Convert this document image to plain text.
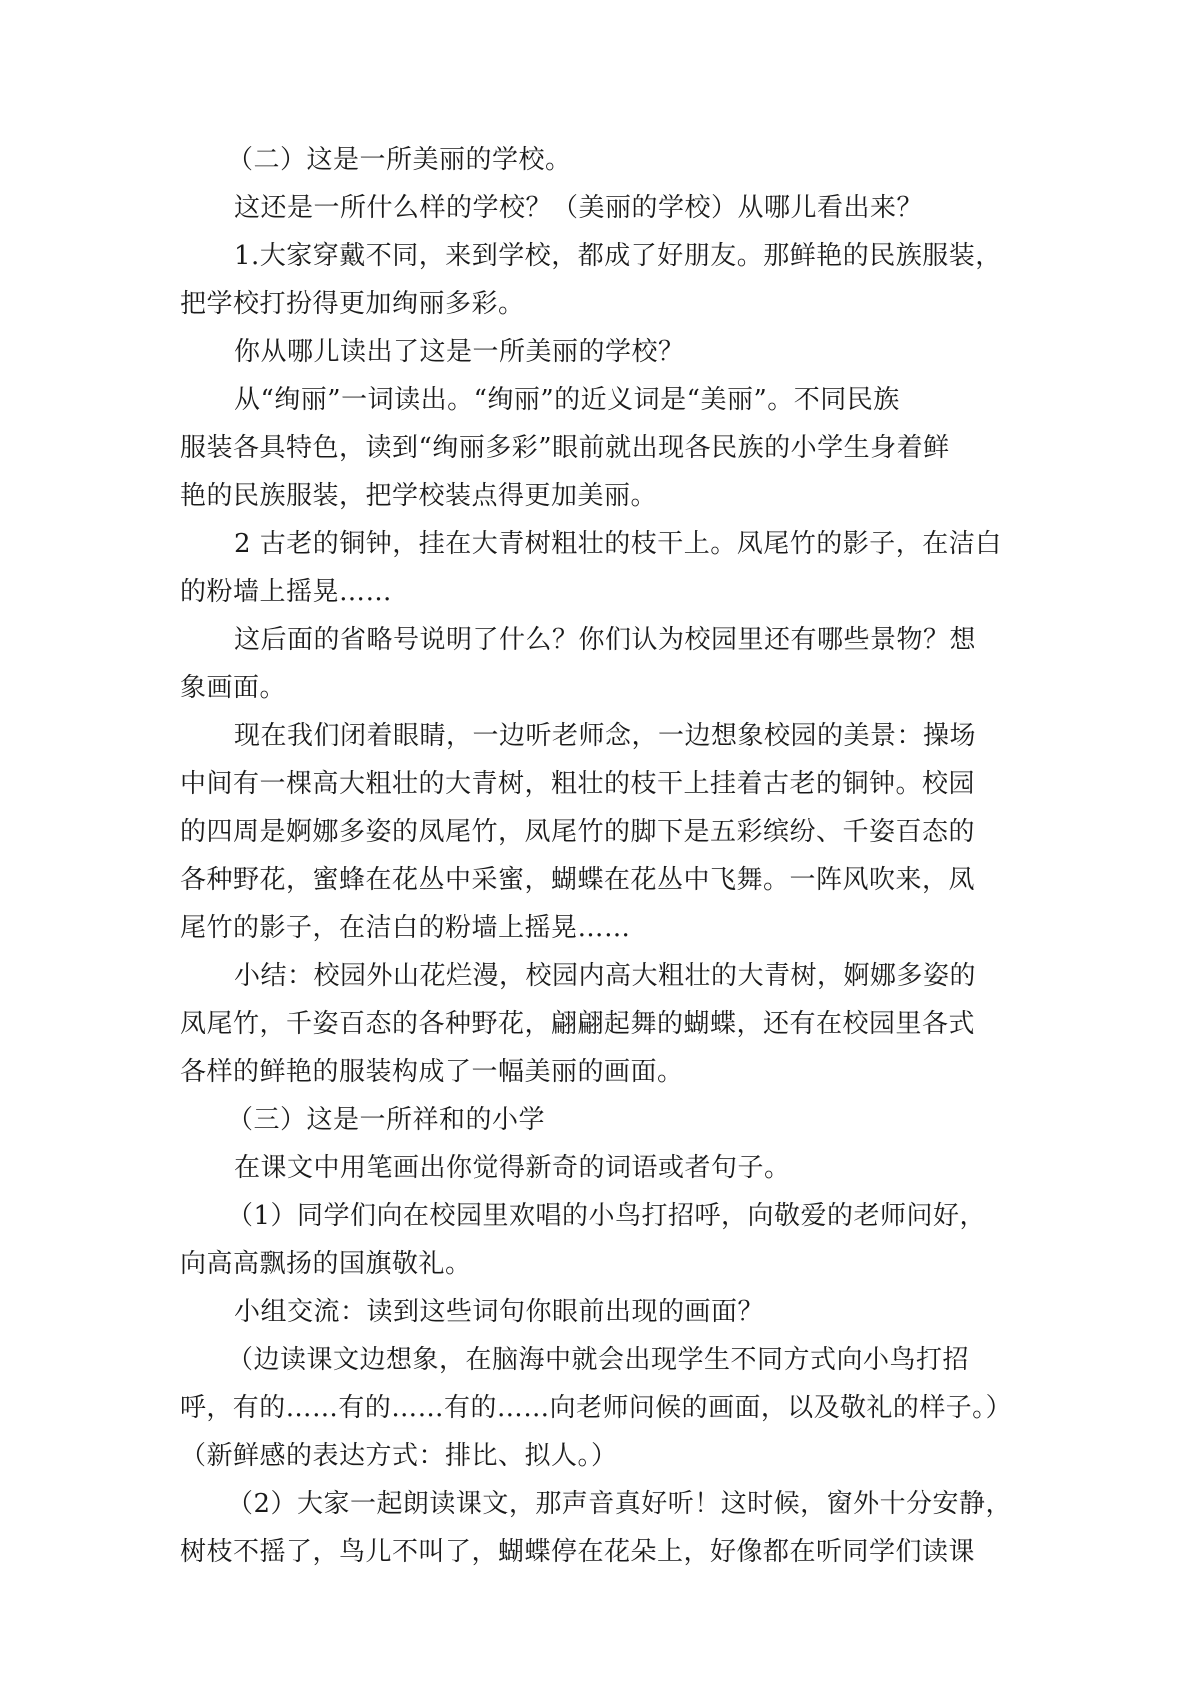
（二）这是一所美丽的学校。

这还是一所什么样的学校？（美丽的学校）从哪儿看出来？

1.大家穿戴不同，来到学校，都成了好朋友。那鲜艳的民族服装，

把学校打扮得更加绚丽多彩。

你从哪儿读出了这是一所美丽的学校？

从“绚丽”一词读出。“绚丽”的近义词是“美丽”。不同民族

服装各具特色，读到“绚丽多彩”眼前就出现各民族的小学生身着鲜

艳的民族服装，把学校装点得更加美丽。

2 古老的铜钟，挂在大青树粗壮的枝干上。凤尾竹的影子，在洁白

的粉墙上摇晃……

这后面的省略号说明了什么？你们认为校园里还有哪些景物？想

象画面。

现在我们闭着眼睛，一边听老师念，一边想象校园的美景：操场

中间有一棵高大粗壮的大青树，粗壮的枝干上挂着古老的铜钟。校园

的四周是婀娜多姿的凤尾竹，凤尾竹的脚下是五彩缤纷、千姿百态的

各种野花，蜜蜂在花丛中采蜜，蝴蝶在花丛中飞舞。一阵风吹来，凤

尾竹的影子，在洁白的粉墙上摇晃……

小结：校园外山花烂漫，校园内高大粗壮的大青树，婀娜多姿的

凤尾竹，千姿百态的各种野花，翩翩起舞的蝴蝶，还有在校园里各式

各样的鲜艳的服装构成了一幅美丽的画面。

（三）这是一所祥和的小学

在课文中用笔画出你觉得新奇的词语或者句子。

（1）同学们向在校园里欢唱的小鸟打招呼，向敬爱的老师问好，

向高高飘扬的国旗敬礼。

小组交流：读到这些词句你眼前出现的画面？

（边读课文边想象，在脑海中就会出现学生不同方式向小鸟打招

呼，有的……有的……有的……向老师问候的画面，以及敬礼的样子。）

（新鲜感的表达方式：排比、拟人。）

（2）大家一起朗读课文，那声音真好听！这时候，窗外十分安静，

树枝不摇了，鸟儿不叫了，蝴蝶停在花朵上，好像都在听同学们读课
